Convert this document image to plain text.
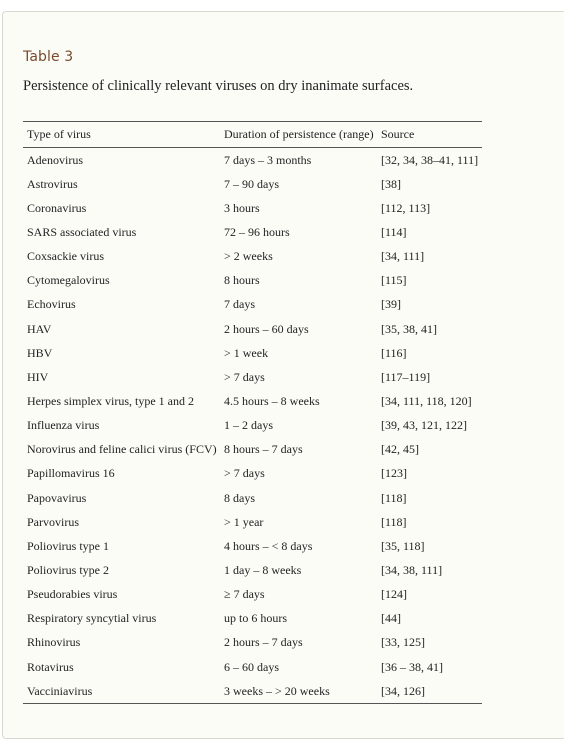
Table 3
Persistence of clinically relevant viruses on dry inanimate surfaces.
Type of virus	Duration of persistence (range)	Source
Adenovirus	7 days – 3 months	[32, 34, 38–41, 111]
Astrovirus	7 – 90 days	[38]
Coronavirus	3 hours	[112, 113]
SARS associated virus	72 – 96 hours	[114]
Coxsackie virus	> 2 weeks	[34, 111]
Cytomegalovirus	8 hours	[115]
Echovirus	7 days	[39]
HAV	2 hours – 60 days	[35, 38, 41]
HBV	> 1 week	[116]
HIV	> 7 days	[117–119]
Herpes simplex virus, type 1 and 2	4.5 hours – 8 weeks	[34, 111, 118, 120]
Influenza virus	1 – 2 days	[39, 43, 121, 122]
Norovirus and feline calici virus (FCV)	8 hours – 7 days	[42, 45]
Papillomavirus 16	> 7 days	[123]
Papovavirus	8 days	[118]
Parvovirus	> 1 year	[118]
Poliovirus type 1	4 hours – < 8 days	[35, 118]
Poliovirus type 2	1 day – 8 weeks	[34, 38, 111]
Pseudorabies virus	≥ 7 days	[124]
Respiratory syncytial virus	up to 6 hours	[44]
Rhinovirus	2 hours – 7 days	[33, 125]
Rotavirus	6 – 60 days	[36 – 38, 41]
Vacciniavirus	3 weeks – > 20 weeks	[34, 126]
